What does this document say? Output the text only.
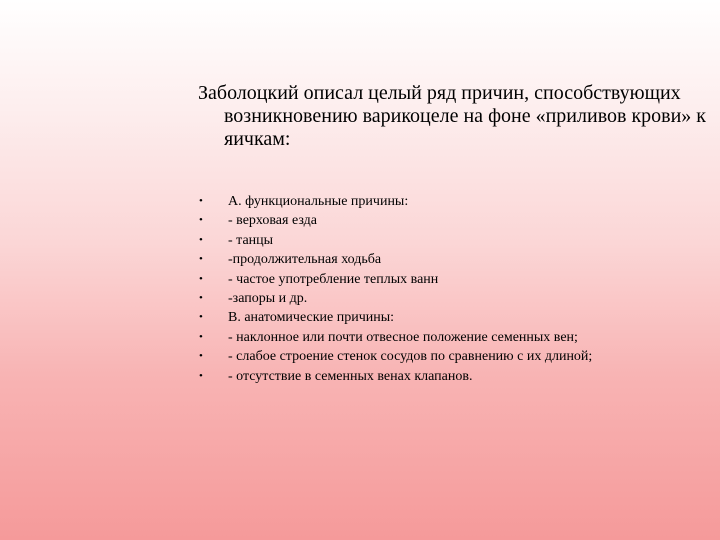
Заболоцкий описал целый ряд причин, способствующих возникновению варикоцеле на фоне «приливов крови» к яичкам:
• А. функциональные причины:
• - верховая езда
• - танцы
• -продолжительная ходьба
• - частое употребление теплых ванн
• -запоры и др.
• В. анатомические причины:
• - наклонное или почти отвесное положение семенных вен;
• - слабое строение стенок сосудов по сравнению с их длиной;
• - отсутствие в семенных венах клапанов.
